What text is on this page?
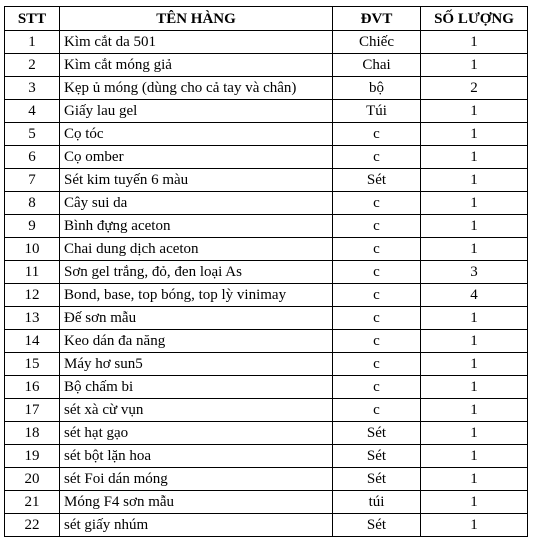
STT	TÊN HÀNG	ĐVT	SỐ LƯỢNG
1	Kìm cắt da 501	Chiếc	1
2	Kìm cắt móng giả	Chai	1
3	Kẹp ủ móng (dùng cho cả tay và chân)	bộ	2
4	Giấy lau gel	Túi	1
5	Cọ tóc	c	1
6	Cọ omber	c	1
7	Sét kim tuyến 6 màu	Sét	1
8	Cây sui da	c	1
9	Bình đựng aceton	c	1
10	Chai dung dịch aceton	c	1
11	Sơn gel trắng, đỏ, đen loại As	c	3
12	Bond, base, top bóng, top lỳ vinimay	c	4
13	Đế sơn mẫu	c	1
14	Keo dán đa năng	c	1
15	Máy hơ sun5	c	1
16	Bộ chấm bi	c	1
17	sét xà cừ vụn	c	1
18	sét hạt gạo	Sét	1
19	sét bột lặn hoa	Sét	1
20	sét Foi dán móng	Sét	1
21	Móng F4 sơn mẫu	túi	1
22	sét giấy nhúm	Sét	1
